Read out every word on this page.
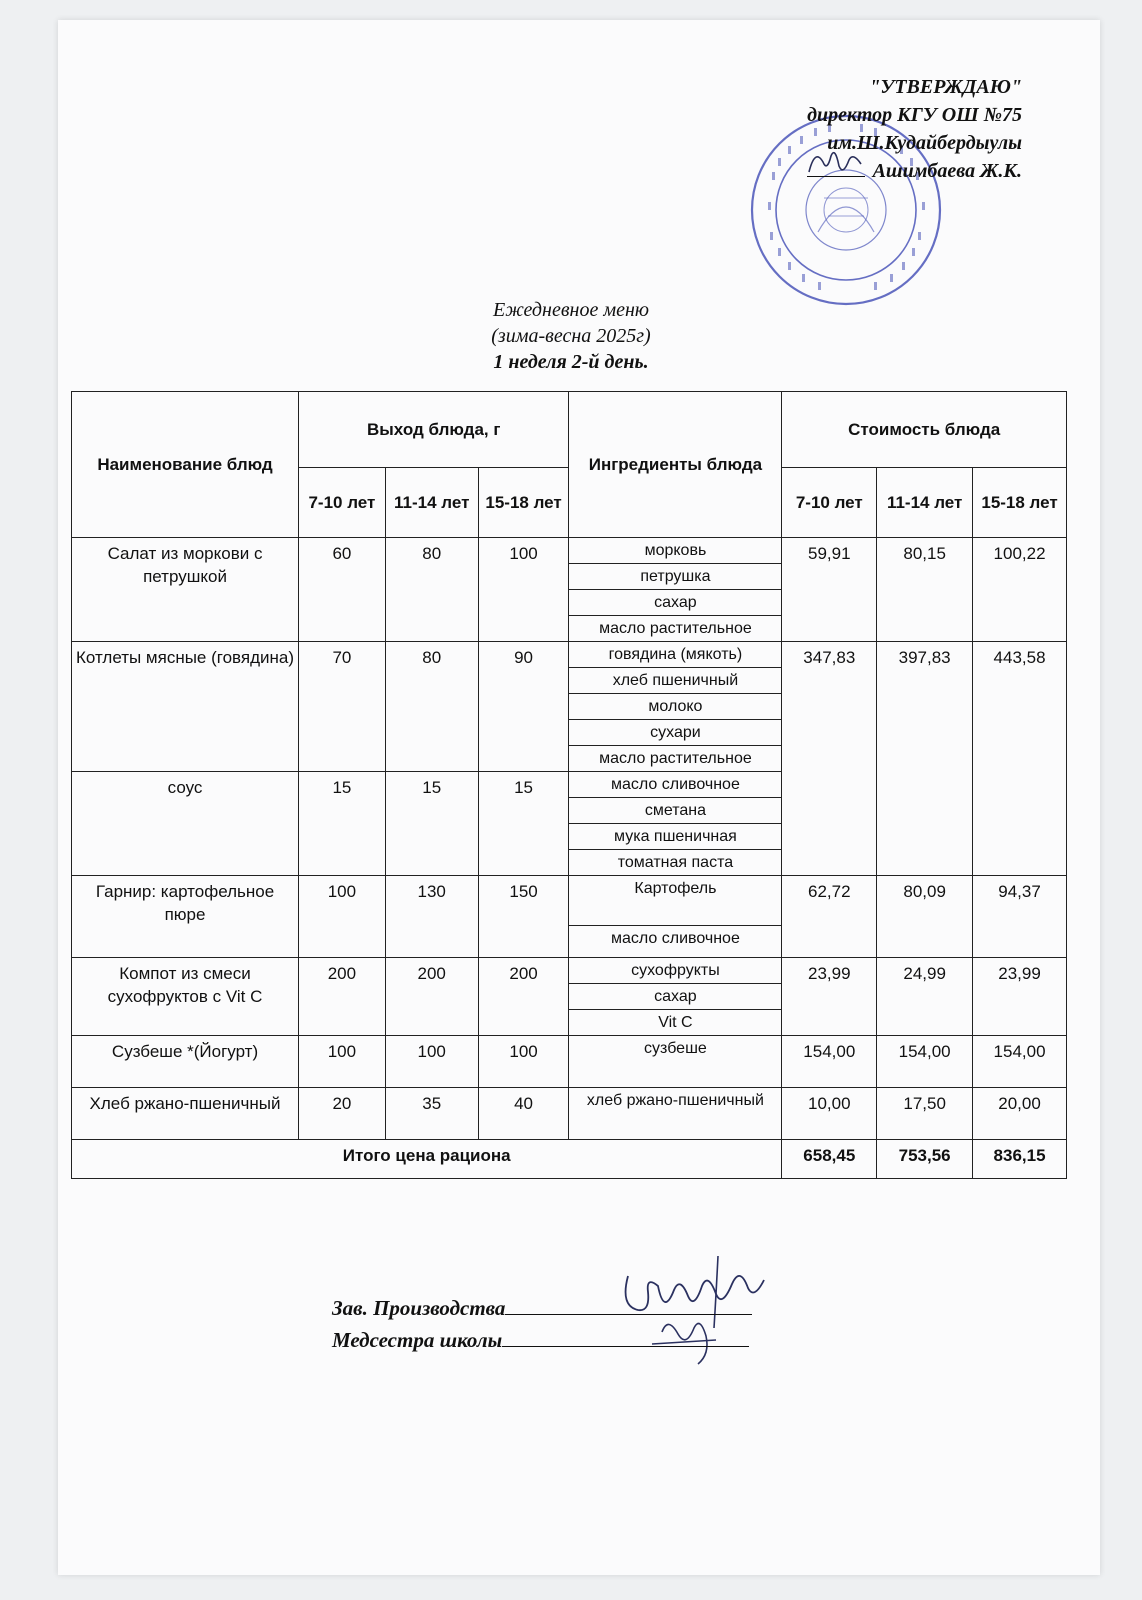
"УТВЕРЖДАЮ"
директор КГУ ОШ №75
им.Ш.Кудайбердыулы
Ашимбаева Ж.К.
Ежедневное меню
(зима-весна 2025г)
1 неделя 2-й день.
Наименование блюд	Выход блюда, г			Ингредиенты блюда	Стоимость блюда		
	7-10 лет	11-14 лет	15-18 лет		7-10 лет	11-14 лет	15-18 лет
Салат из моркови с петрушкой	60	80	100	морковь	59,91	80,15	100,22
				петрушка			
				сахар			
				масло растительное			
Котлеты мясные (говядина)	70	80	90	говядина (мякоть)	347,83	397,83	443,58
				хлеб пшеничный			
				молоко			
				сухари			
				масло растительное			
соус	15	15	15	масло сливочное			
				сметана			
				мука пшеничная			
				томатная паста			
Гарнир: картофельное пюре	100	130	150	Картофель	62,72	80,09	94,37
				масло сливочное			
Компот из смеси сухофруктов с Vit C	200	200	200	сухофрукты	23,99	24,99	23,99
				сахар			
				Vit C			
Сузбеше *(Йогурт)	100	100	100	сузбеше	154,00	154,00	154,00
Хлеб ржано-пшеничный	20	35	40	хлеб ржано-пшеничный	10,00	17,50	20,00
Итого цена рациона					658,45	753,56	836,15
Зав. Производства
Медсестра школы
